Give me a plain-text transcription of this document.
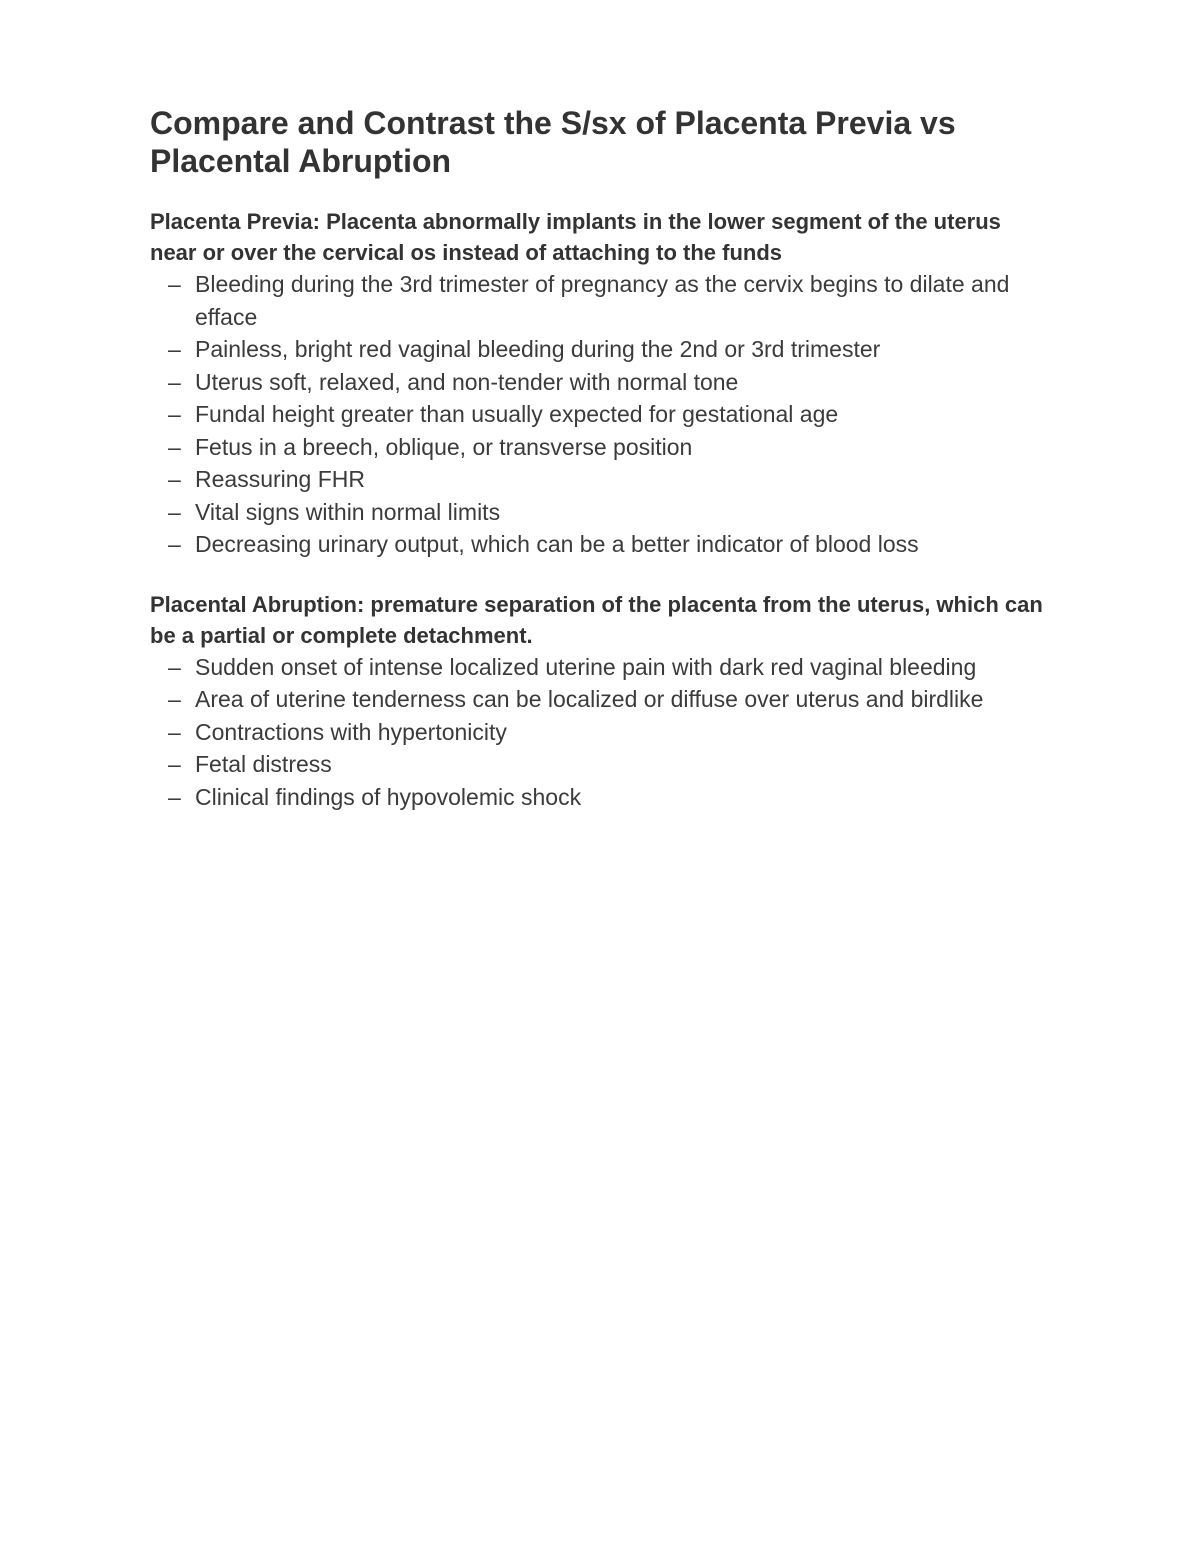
Compare and Contrast the S/sx of Placenta Previa vs Placental Abruption

Placenta Previa: Placenta abnormally implants in the lower segment of the uterus near or over the cervical os instead of attaching to the funds

– Bleeding during the 3rd trimester of pregnancy as the cervix begins to dilate and efface
– Painless, bright red vaginal bleeding during the 2nd or 3rd trimester
– Uterus soft, relaxed, and non-tender with normal tone
– Fundal height greater than usually expected for gestational age
– Fetus in a breech, oblique, or transverse position
– Reassuring FHR
– Vital signs within normal limits
– Decreasing urinary output, which can be a better indicator of blood loss

Placental Abruption: premature separation of the placenta from the uterus, which can be a partial or complete detachment.

– Sudden onset of intense localized uterine pain with dark red vaginal bleeding
– Area of uterine tenderness can be localized or diffuse over uterus and birdlike
– Contractions with hypertonicity
– Fetal distress
– Clinical findings of hypovolemic shock
